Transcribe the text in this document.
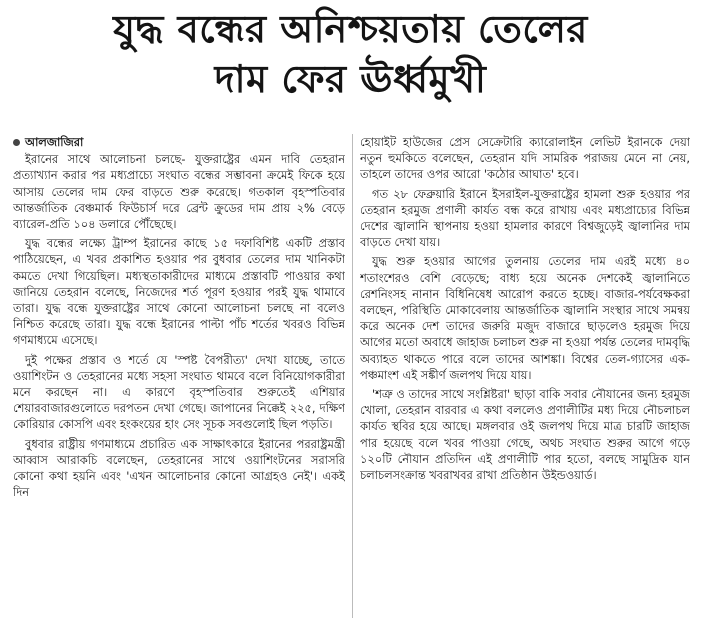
যুদ্ধ বন্ধের অনিশ্চয়তায় তেলের
দাম ফের ঊর্ধ্বমুখী
আলজাজিরা

ইরানের সাথে আলোচনা চলছে- যুক্তরাষ্ট্রের এমন দাবি তেহরান প্রত্যাখ্যান করার পর মধ্যপ্রাচ্যে সংঘাত বন্ধের সম্ভাবনা ক্রমেই ফিকে হয়ে আসায় তেলের দাম ফের বাড়তে শুরু করেছে। গতকাল বৃহস্পতিবার আন্তর্জাতিক বেঞ্চমার্ক ফিউচার্স দরে ব্রেন্ট ক্রুডের দাম প্রায় ২% বেড়ে ব্যারেল-প্রতি ১০৪ ডলারে পৌঁছেছে।

যুদ্ধ বন্ধের লক্ষ্যে ট্রাম্প ইরানের কাছে ১৫ দফাবিশিষ্ট একটি প্রস্তাব পাঠিয়েছেন, এ খবর প্রকাশিত হওয়ার পর বুধবার তেলের দাম খানিকটা কমতে দেখা গিয়েছিল। মধ্যস্থতাকারীদের মাধ্যমে প্রস্তাবটি পাওয়ার কথা জানিয়ে তেহরান বলেছে, নিজেদের শর্ত পূরণ হওয়ার পরই যুদ্ধ থামাবে তারা। যুদ্ধ বন্ধে যুক্তরাষ্ট্রের সাথে কোনো আলোচনা চলছে না বলেও নিশ্চিত করেছে তারা। যুদ্ধ বন্ধে ইরানের পাল্টা পাঁচ শর্তের খবরও বিভিন্ন গণমাধ্যমে এসেছে।

দুই পক্ষের প্রস্তাব ও শর্তে যে 'স্পষ্ট বৈপরীত্য' দেখা যাচ্ছে, তাতে ওয়াশিংটন ও তেহরানের মধ্যে সহসা সংঘাত থামবে বলে বিনিয়োগকারীরা মনে করছেন না। এ কারণে বৃহস্পতিবার শুরুতেই এশিয়ার শেয়ারবাজারগুলোতে দরপতন দেখা গেছে। জাপানের নিক্কেই ২২৫, দক্ষিণ কোরিয়ার কোসপি এবং হংকংয়ের হাং সেং সূচক সবগুলোই ছিল পড়তি।

বুধবার রাষ্ট্রীয় গণমাধ্যমে প্রচারিত এক সাক্ষাৎকারে ইরানের পররাষ্ট্রমন্ত্রী আব্বাস আরাকচি বলেছেন, তেহরানের সাথে ওয়াশিংটনের সরাসরি কোনো কথা হয়নি এবং 'এখন আলোচনার কোনো আগ্রহও নেই'। একই দিন

হোয়াইট হাউজের প্রেস সেক্রেটারি ক্যারোলাইন লেভিট ইরানকে দেয়া নতুন হুমকিতে বলেছেন, তেহরান যদি সামরিক পরাজয় মেনে না নেয়, তাহলে তাদের ওপর আরো 'কঠোর আঘাত' হবে।

গত ২৮ ফেব্রুয়ারি ইরানে ইসরাইল-যুক্তরাষ্ট্রের হামলা শুরু হওয়ার পর তেহরান হরমুজ প্রণালী কার্যত বন্ধ করে রাখায় এবং মধ্যপ্রাচ্যের বিভিন্ন দেশের জ্বালানি স্থাপনায় হওয়া হামলার কারণে বিশ্বজুড়েই জ্বালানির দাম বাড়তে দেখা যায়।

যুদ্ধ শুরু হওয়ার আগের তুলনায় তেলের দাম এরই মধ্যে ৪০ শতাংশেরও বেশি বেড়েছে; বাধ্য হয়ে অনেক দেশকেই জ্বালানিতে রেশনিংসহ নানান বিধিনিষেধ আরোপ করতে হচ্ছে। বাজার-পর্যবেক্ষকরা বলছেন, পরিস্থিতি মোকাবেলায় আন্তর্জাতিক জ্বালানি সংস্থার সাথে সমন্বয় করে অনেক দেশ তাদের জরুরি মজুদ বাজারে ছাড়লেও হরমুজ দিয়ে আগের মতো অবাধে জাহাজ চলাচল শুরু না হওয়া পর্যন্ত তেলের দামবৃদ্ধি অব্যাহত থাকতে পারে বলে তাদের আশঙ্কা। বিশ্বের তেল-গ্যাসের এক-পঞ্চমাংশ এই সঙ্কীর্ণ জলপথ দিয়ে যায়।

'শত্রু ও তাদের সাথে সংশ্লিষ্টরা' ছাড়া বাকি সবার নৌযানের জন্য হরমুজ খোলা, তেহরান বারবার এ কথা বললেও প্রণালীটির মধ্য দিয়ে নৌচলাচল কার্যত স্থবির হয়ে আছে। মঙ্গলবার ওই জলপথ দিয়ে মাত্র চারটি জাহাজ পার হয়েছে বলে খবর পাওয়া গেছে, অথচ সংঘাত শুরুর আগে গড়ে ১২০টি নৌযান প্রতিদিন এই প্রণালীটি পার হতো, বলছে সামুদ্রিক যান চলাচলসংক্রান্ত খবরাখবর রাখা প্রতিষ্ঠান উইন্ডওয়ার্ড।
